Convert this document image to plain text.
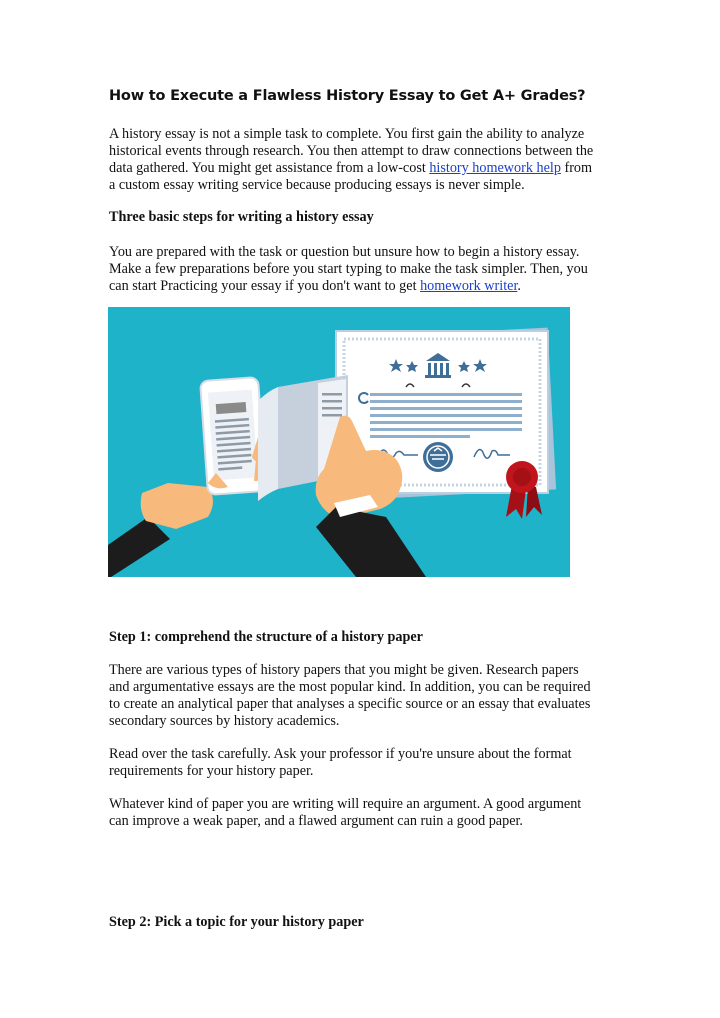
How to Execute a Flawless History Essay to Get A+ Grades?

A history essay is not a simple task to complete. You first gain the ability to analyze
historical events through research. You then attempt to draw connections between the
data gathered. You might get assistance from a low-cost history homework help from
a custom essay writing service because producing essays is never simple.

Three basic steps for writing a history essay

You are prepared with the task or question but unsure how to begin a history essay.
Make a few preparations before you start typing to make the task simpler. Then, you
can start Practicing your essay if you don't want to get homework writer.

Step 1: comprehend the structure of a history paper

There are various types of history papers that you might be given. Research papers
and argumentative essays are the most popular kind. In addition, you can be required
to create an analytical paper that analyses a specific source or an essay that evaluates
secondary sources by history academics.

Read over the task carefully. Ask your professor if you're unsure about the format
requirements for your history paper.

Whatever kind of paper you are writing will require an argument. A good argument
can improve a weak paper, and a flawed argument can ruin a good paper.

Step 2: Pick a topic for your history paper
